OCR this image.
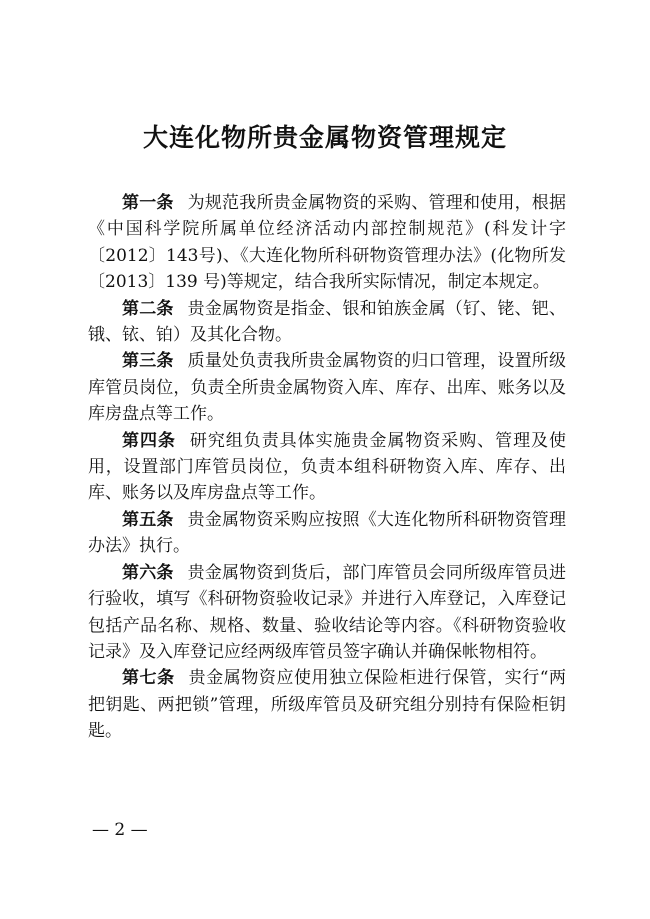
大连化物所贵金属物资管理规定

第一条 为规范我所贵金属物资的采购、管理和使用，根据《中国科学院所属单位经济活动内部控制规范》(科发计字〔2012〕143号)、《大连化物所科研物资管理办法》(化物所发〔2013〕139 号)等规定，结合我所实际情况，制定本规定。

第二条 贵金属物资是指金、银和铂族金属（钌、铑、钯、锇、铱、铂）及其化合物。

第三条 质量处负责我所贵金属物资的归口管理，设置所级库管员岗位，负责全所贵金属物资入库、库存、出库、账务以及库房盘点等工作。

第四条 研究组负责具体实施贵金属物资采购、管理及使用，设置部门库管员岗位，负责本组科研物资入库、库存、出库、账务以及库房盘点等工作。

第五条 贵金属物资采购应按照《大连化物所科研物资管理办法》执行。

第六条 贵金属物资到货后，部门库管员会同所级库管员进行验收，填写《科研物资验收记录》并进行入库登记，入库登记包括产品名称、规格、数量、验收结论等内容。《科研物资验收记录》及入库登记应经两级库管员签字确认并确保帐物相符。

第七条 贵金属物资应使用独立保险柜进行保管，实行“两把钥匙、两把锁”管理，所级库管员及研究组分别持有保险柜钥匙。

— 2 —
